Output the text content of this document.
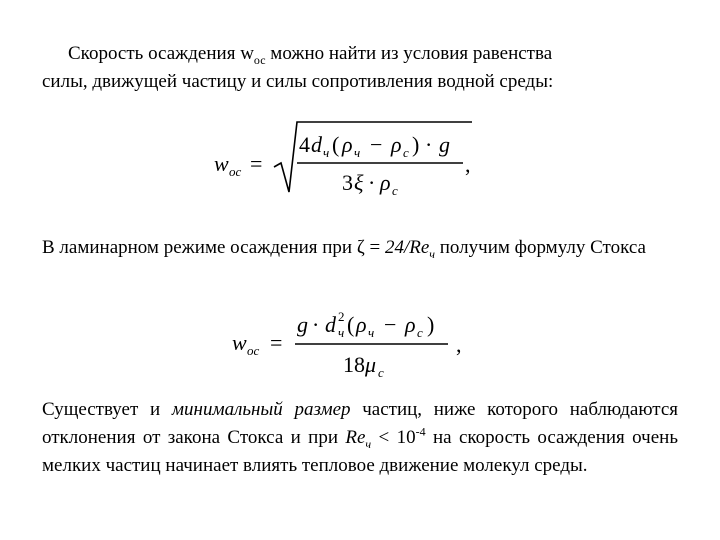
Скорость осаждения $w_{ос}$ можно найти из условия равенства
силы, движущей частицу и силы сопротивления водной среды:
w ос =
4 d ч ( ρ ч − ρ с ) · g
3 ξ · ρ с
,
В ламинарном режиме осаждения при $\zeta = 24/Re_ч$ получим формулу Стокса
w ос =
g · d 2
ч ( ρ ч − ρ с )
18 μ с
,
Существует и минимальный размер частиц, ниже которого наблюдаются отклонения от закона Стокса и при $Re_ч < 10^{-4}$ на скорость осаждения очень мелких частиц начинает влиять тепловое движение молекул среды.
